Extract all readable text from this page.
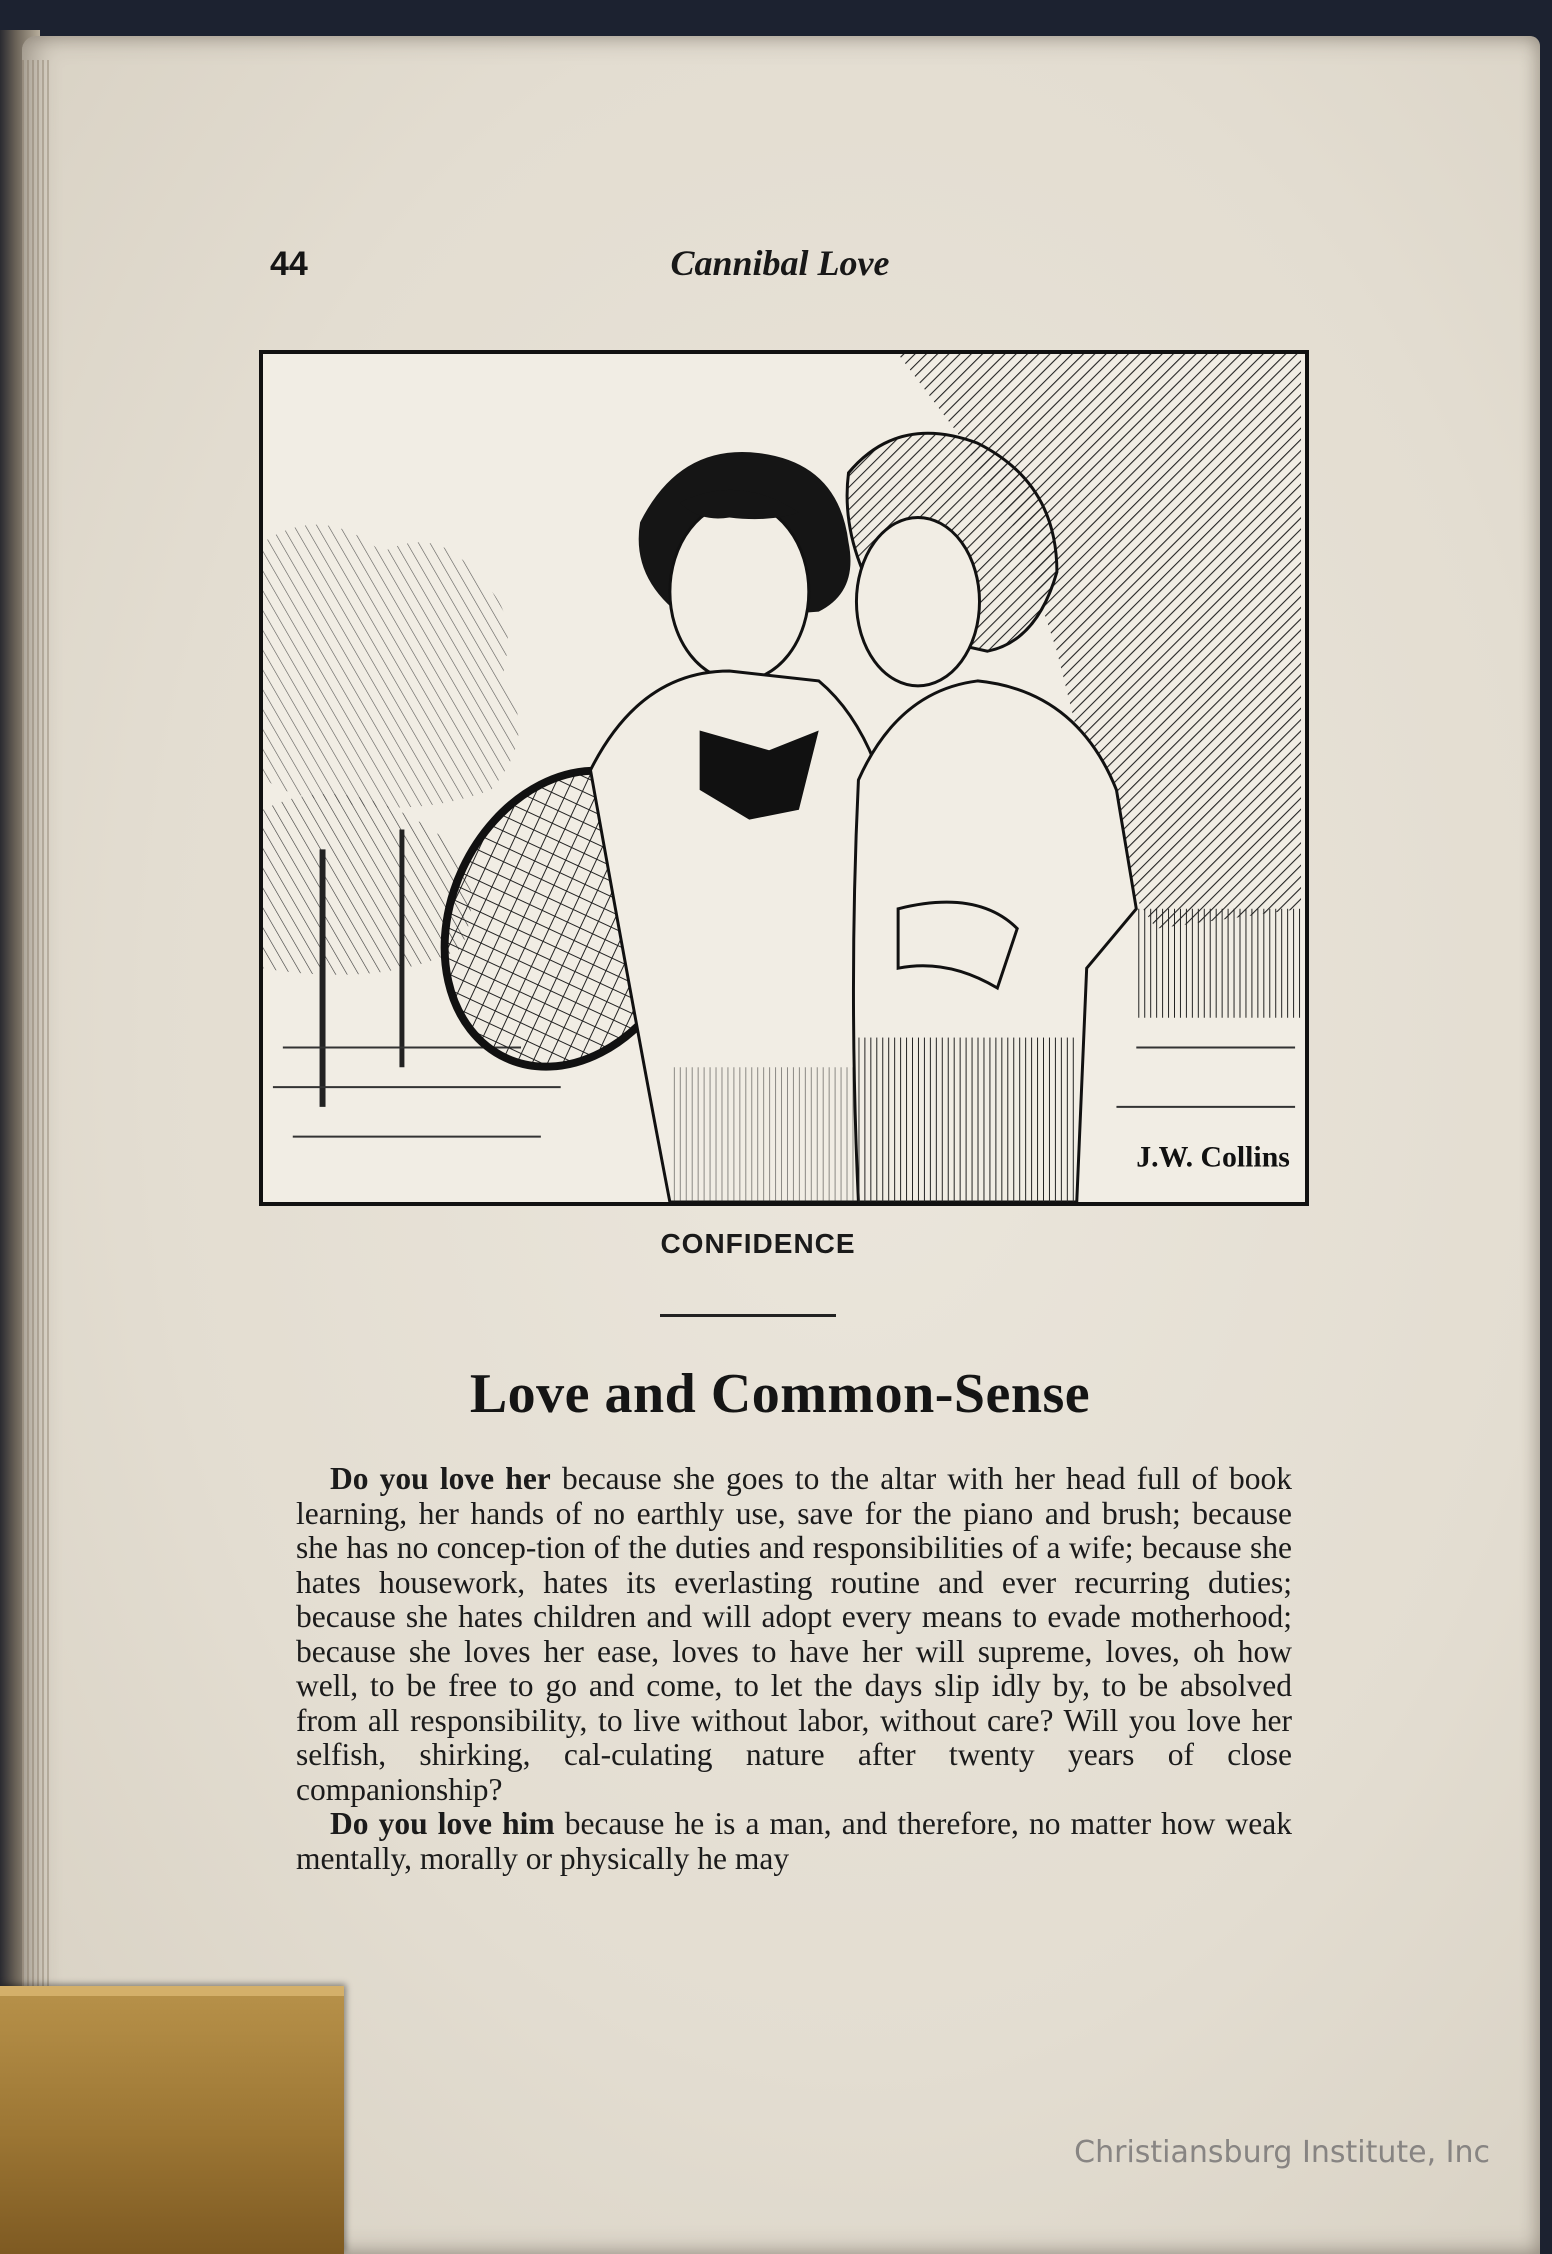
44	Cannibal Love
J.W. Collins
CONFIDENCE
Love and Common-Sense

Do you love her because she goes to the altar with her head full of book learning, her hands of no earthly use, save for the piano and brush; because she has no concep-tion of the duties and responsibilities of a wife; because she hates housework, hates its everlasting routine and ever recurring duties; because she hates children and will adopt every means to evade motherhood; because she loves her ease, loves to have her will supreme, loves, oh how well, to be free to go and come, to let the days slip idly by, to be absolved from all responsibility, to live without labor, without care? Will you love her selfish, shirking, cal-culating nature after twenty years of close companionship?

Do you love him because he is a man, and therefore, no matter how weak mentally, morally or physically he may

Christiansburg Institute, Inc
